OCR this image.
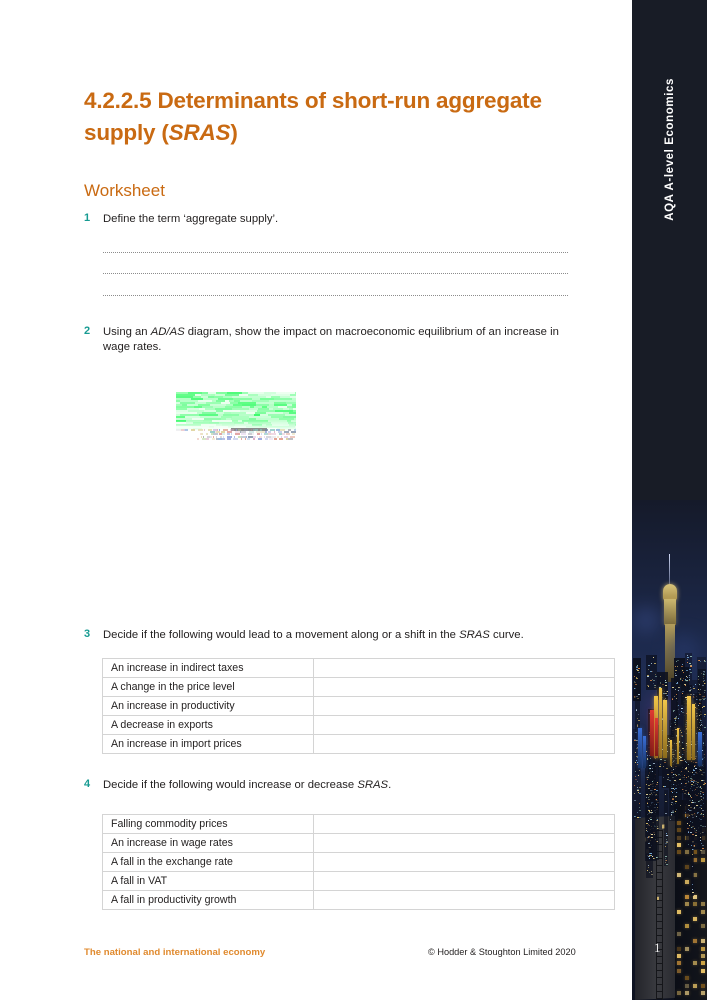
4.2.2.5 Determinants of short-run aggregate supply (SRAS)
Worksheet
1 Define the term ‘aggregate supply’.
2 Using an AD/AS diagram, show the impact on macroeconomic equilibrium of an increase in wage rates.
3 Decide if the following would lead to a movement along or a shift in the SRAS curve.
An increase in indirect taxes	
A change in the price level	
An increase in productivity	
A decrease in exports	
An increase in import prices	
4 Decide if the following would increase or decrease SRAS.
Falling commodity prices	
An increase in wage rates	
A fall in the exchange rate	
A fall in VAT	
A fall in productivity growth	
The national and international economy	© Hodder & Stoughton Limited 2020
AQA A-level Economics
1
